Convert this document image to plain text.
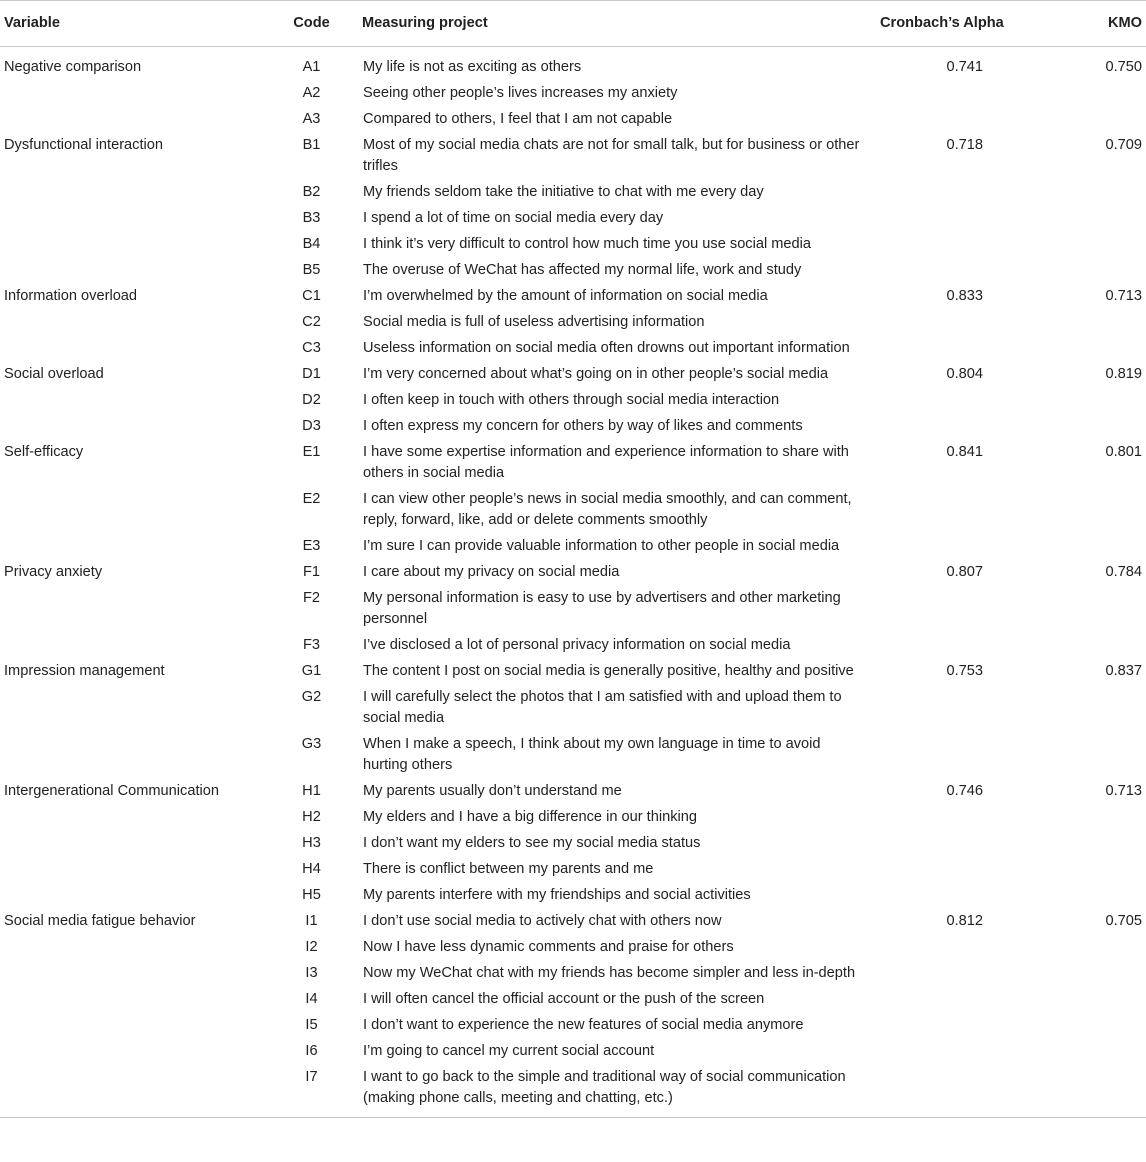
Variable	Code	Measuring project	Cronbach’s Alpha	KMO
Negative comparison	A1	My life is not as exciting as others	0.741	0.750
	A2	Seeing other people’s lives increases my anxiety		
	A3	Compared to others, I feel that I am not capable		
Dysfunctional interaction	B1	Most of my social media chats are not for small talk, but for business or other trifles	0.718	0.709
	B2	My friends seldom take the initiative to chat with me every day		
	B3	I spend a lot of time on social media every day		
	B4	I think it’s very difficult to control how much time you use social media		
	B5	The overuse of WeChat has affected my normal life, work and study		
Information overload	C1	I’m overwhelmed by the amount of information on social media	0.833	0.713
	C2	Social media is full of useless advertising information		
	C3	Useless information on social media often drowns out important information		
Social overload	D1	I’m very concerned about what’s going on in other people’s social media	0.804	0.819
	D2	I often keep in touch with others through social media interaction		
	D3	I often express my concern for others by way of likes and comments		
Self-efficacy	E1	I have some expertise information and experience information to share with others in social media	0.841	0.801
	E2	I can view other people’s news in social media smoothly, and can comment, reply, forward, like, add or delete comments smoothly		
	E3	I’m sure I can provide valuable information to other people in social media		
Privacy anxiety	F1	I care about my privacy on social media	0.807	0.784
	F2	My personal information is easy to use by advertisers and other marketing personnel		
	F3	I’ve disclosed a lot of personal privacy information on social media		
Impression management	G1	The content I post on social media is generally positive, healthy and positive	0.753	0.837
	G2	I will carefully select the photos that I am satisfied with and upload them to social media		
	G3	When I make a speech, I think about my own language in time to avoid hurting others		
Intergenerational Communication	H1	My parents usually don’t understand me	0.746	0.713
	H2	My elders and I have a big difference in our thinking		
	H3	I don’t want my elders to see my social media status		
	H4	There is conflict between my parents and me		
	H5	My parents interfere with my friendships and social activities		
Social media fatigue behavior	I1	I don’t use social media to actively chat with others now	0.812	0.705
	I2	Now I have less dynamic comments and praise for others		
	I3	Now my WeChat chat with my friends has become simpler and less in-depth		
	I4	I will often cancel the official account or the push of the screen		
	I5	I don’t want to experience the new features of social media anymore		
	I6	I’m going to cancel my current social account		
	I7	I want to go back to the simple and traditional way of social communication (making phone calls, meeting and chatting, etc.)		
